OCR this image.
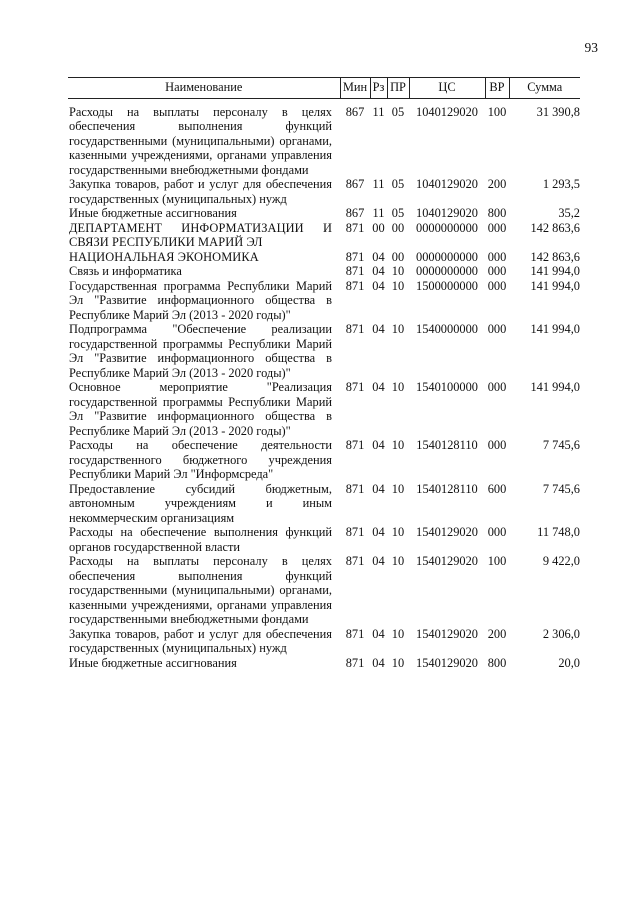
93
Наименование	Мин	Рз	ПР	ЦС	ВР	Сумма
Расходы на выплаты персоналу в целях обеспечения выполнения функций государственными (муниципальными) органами, казенными учреждениями, органами управления государственными внебюджетными фондами	867	11	05	1040129020	100	31 390,8
Закупка товаров, работ и услуг для обеспечения государственных (муниципальных) нужд	867	11	05	1040129020	200	1 293,5
Иные бюджетные ассигнования	867	11	05	1040129020	800	35,2
ДЕПАРТАМЕНТ ИНФОРМАТИЗАЦИИ И СВЯЗИ РЕСПУБЛИКИ МАРИЙ ЭЛ	871	00	00	0000000000	000	142 863,6
НАЦИОНАЛЬНАЯ ЭКОНОМИКА	871	04	00	0000000000	000	142 863,6
Связь и информатика	871	04	10	0000000000	000	141 994,0
Государственная программа Республики Марий Эл "Развитие информационного общества в Республике Марий Эл (2013 - 2020 годы)"	871	04	10	1500000000	000	141 994,0
Подпрограмма "Обеспечение реализации государственной программы Республики Марий Эл "Развитие информационного общества в Республике Марий Эл (2013 - 2020 годы)"	871	04	10	1540000000	000	141 994,0
Основное мероприятие "Реализация государственной программы Республики Марий Эл "Развитие информационного общества в Республике Марий Эл (2013 - 2020 годы)"	871	04	10	1540100000	000	141 994,0
Расходы на обеспечение деятельности государственного бюджетного учреждения Республики Марий Эл "Информсреда"	871	04	10	1540128110	000	7 745,6
Предоставление субсидий бюджетным, автономным учреждениям и иным некоммерческим организациям	871	04	10	1540128110	600	7 745,6
Расходы на обеспечение выполнения функций органов государственной власти	871	04	10	1540129020	000	11 748,0
Расходы на выплаты персоналу в целях обеспечения выполнения функций государственными (муниципальными) органами, казенными учреждениями, органами управления государственными внебюджетными фондами	871	04	10	1540129020	100	9 422,0
Закупка товаров, работ и услуг для обеспечения государственных (муниципальных) нужд	871	04	10	1540129020	200	2 306,0
Иные бюджетные ассигнования	871	04	10	1540129020	800	20,0
